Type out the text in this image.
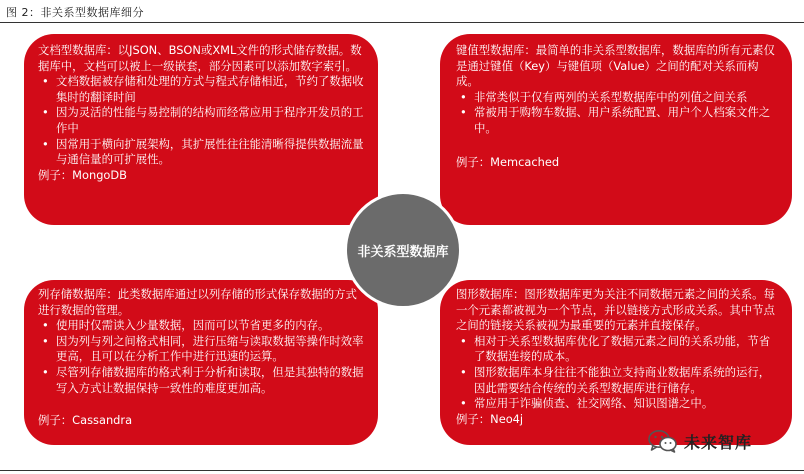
图 2：非关系型数据库细分

文档型数据库：以JSON、BSON或XML文件的形式储存数据。数据库中，文档可以被上一级嵌套，部分因素可以添加数字索引。

• 文档数据被存储和处理的方式与程式存储相近，节约了数据收集时的翻译时间
• 因为灵活的性能与易控制的结构而经常应用于程序开发员的工作中
• 因常用于横向扩展架构，其扩展性往往能清晰得提供数据流量与通信量的可扩展性。

例子：MongoDB

键值型数据库：最简单的非关系型数据库，数据库的所有元素仅是通过键值（Key）与键值项（Value）之间的配对关系而构成。

• 非常类似于仅有两列的关系型数据库中的列值之间关系
• 常被用于购物车数据、用户系统配置、用户个人档案文件之中。

例子：Memcached

列存储数据库：此类数据库通过以列存储的形式保存数据的方式进行数据的管理。

• 使用时仅需读入少量数据，因而可以节省更多的内存。
• 因为列与列之间格式相同，进行压缩与读取数据等操作时效率更高，且可以在分析工作中进行迅速的运算。
• 尽管列存储数据库的格式利于分析和读取，但是其独特的数据写入方式让数据保持一致性的难度更加高。

例子：Cassandra

图形数据库：图形数据库更为关注不同数据元素之间的关系。每一个元素都被视为一个节点，并以链接方式形成关系。其中节点之间的链接关系被视为最重要的元素并直接保存。

• 相对于关系型数据库优化了数据元素之间的关系功能，节省了数据连接的成本。
• 图形数据库本身往往不能独立支持商业数据库系统的运行，因此需要结合传统的关系型数据库进行储存。
• 常应用于诈骗侦查、社交网络、知识图谱之中。

例子：Neo4j

非关系型数据库
未来智库
